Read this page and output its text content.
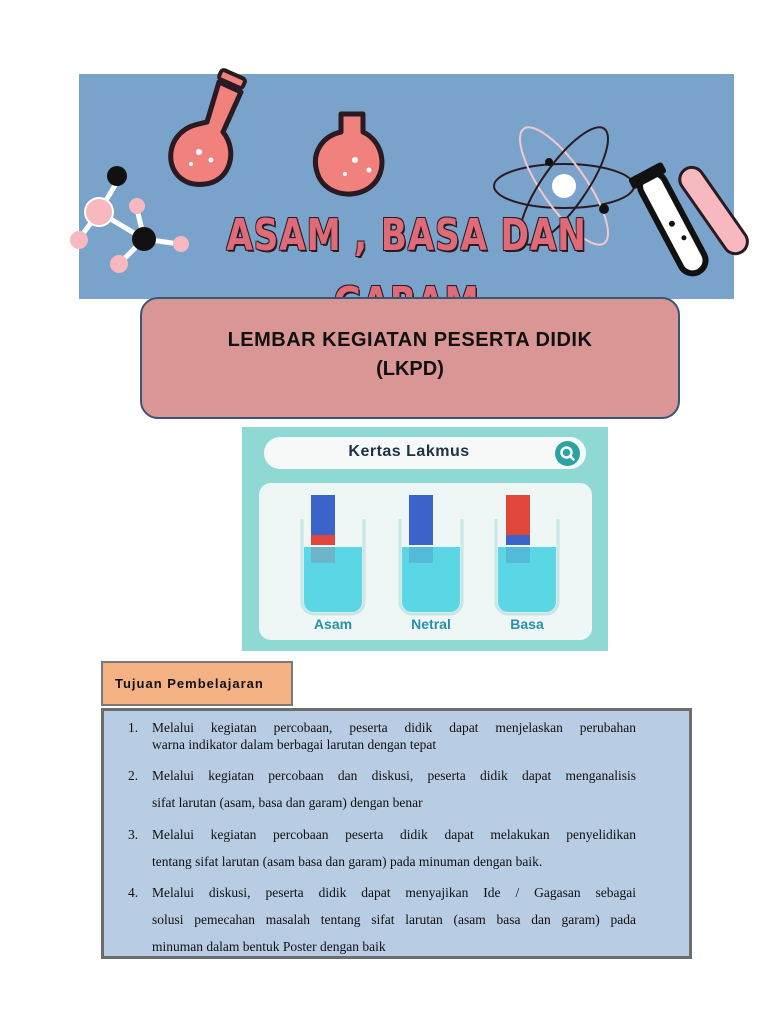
ASAM , BASA DAN
LEMBAR KEGIATAN PESERTA DIDIK
(LKPD)
Kertas Lakmus
Asam	Netral	Basa
Tujuan Pembelajaran
1. Melalui kegiatan percobaan, peserta didik dapat menjelaskan perubahan
warna indikator dalam berbagai larutan dengan tepat
2. Melalui kegiatan percobaan dan diskusi, peserta didik dapat menganalisis
sifat larutan (asam, basa dan garam) dengan benar
3. Melalui kegiatan percobaan peserta didik dapat melakukan penyelidikan
tentang sifat larutan (asam basa dan garam) pada minuman dengan baik.
4. Melalui diskusi, peserta didik dapat menyajikan Ide / Gagasan sebagai
solusi pemecahan masalah tentang sifat larutan (asam basa dan garam) pada
minuman dalam bentuk Poster dengan baik
